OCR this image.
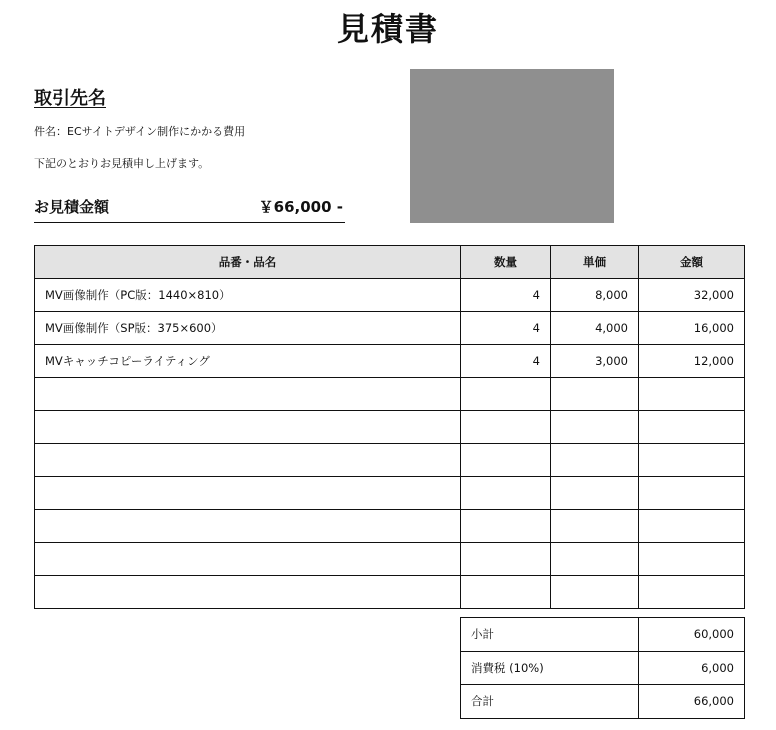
見積書
取引先名
件名：ECサイトデザイン制作にかかる費用
下記のとおりお見積申し上げます。
お見積金額	￥66,000 -
品番・品名	数量	単価	金額
MV画像制作（PC版：1440×810）	4	8,000	32,000
MV画像制作（SP版：375×600）	4	4,000	16,000
MVキャッチコピーライティング	4	3,000	12,000

小計	60,000
消費税 (10%)	6,000
合計	66,000
